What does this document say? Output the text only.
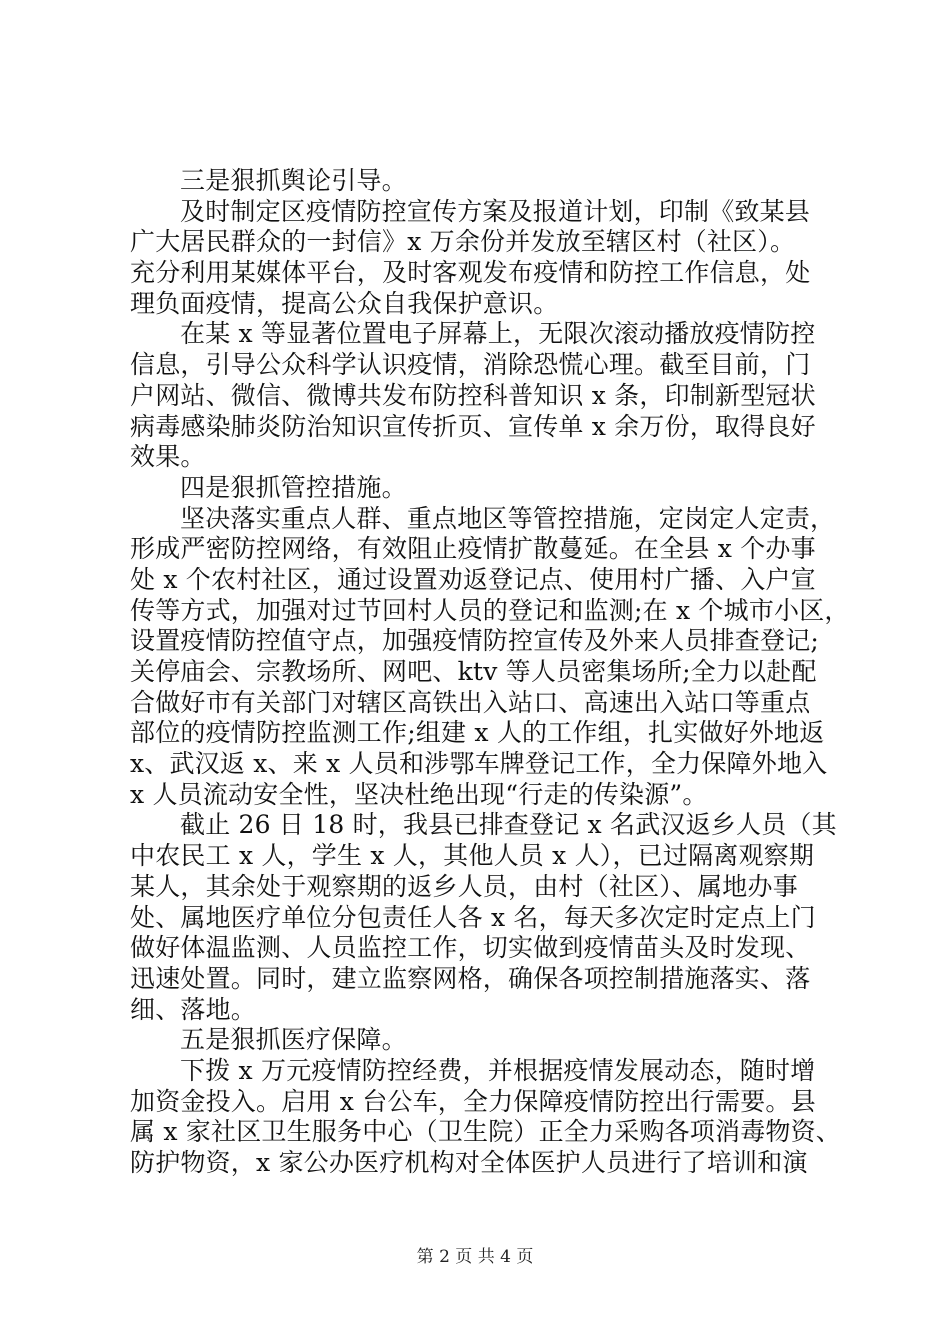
三是狠抓舆论引导。
及时制定区疫情防控宣传方案及报道计划，印制《致某县
广大居民群众的一封信》x 万余份并发放至辖区村（社区）。
充分利用某媒体平台，及时客观发布疫情和防控工作信息，处
理负面疫情，提高公众自我保护意识。
在某 x 等显著位置电子屏幕上，无限次滚动播放疫情防控
信息，引导公众科学认识疫情，消除恐慌心理。截至目前，门
户网站、微信、微博共发布防控科普知识 x 条，印制新型冠状
病毒感染肺炎防治知识宣传折页、宣传单 x 余万份，取得良好
效果。
四是狠抓管控措施。
坚决落实重点人群、重点地区等管控措施，定岗定人定责，
形成严密防控网络，有效阻止疫情扩散蔓延。在全县 x 个办事
处 x 个农村社区，通过设置劝返登记点、使用村广播、入户宣
传等方式，加强对过节回村人员的登记和监测;在 x 个城市小区，
设置疫情防控值守点，加强疫情防控宣传及外来人员排查登记;
关停庙会、宗教场所、网吧、ktv 等人员密集场所;全力以赴配
合做好市有关部门对辖区高铁出入站口、高速出入站口等重点
部位的疫情防控监测工作;组建 x 人的工作组，扎实做好外地返
x、武汉返 x、来 x 人员和涉鄂车牌登记工作，全力保障外地入
x 人员流动安全性，坚决杜绝出现“行走的传染源”。
截止 26 日 18 时，我县已排查登记 x 名武汉返乡人员（其
中农民工 x 人，学生 x 人，其他人员 x 人），已过隔离观察期
某人，其余处于观察期的返乡人员，由村（社区）、属地办事
处、属地医疗单位分包责任人各 x 名，每天多次定时定点上门
做好体温监测、人员监控工作，切实做到疫情苗头及时发现、
迅速处置。同时，建立监察网格，确保各项控制措施落实、落
细、落地。
五是狠抓医疗保障。
下拨 x 万元疫情防控经费，并根据疫情发展动态，随时增
加资金投入。启用 x 台公车，全力保障疫情防控出行需要。县
属 x 家社区卫生服务中心（卫生院）正全力采购各项消毒物资、
防护物资，x 家公办医疗机构对全体医护人员进行了培训和演
第 2 页 共 4 页
